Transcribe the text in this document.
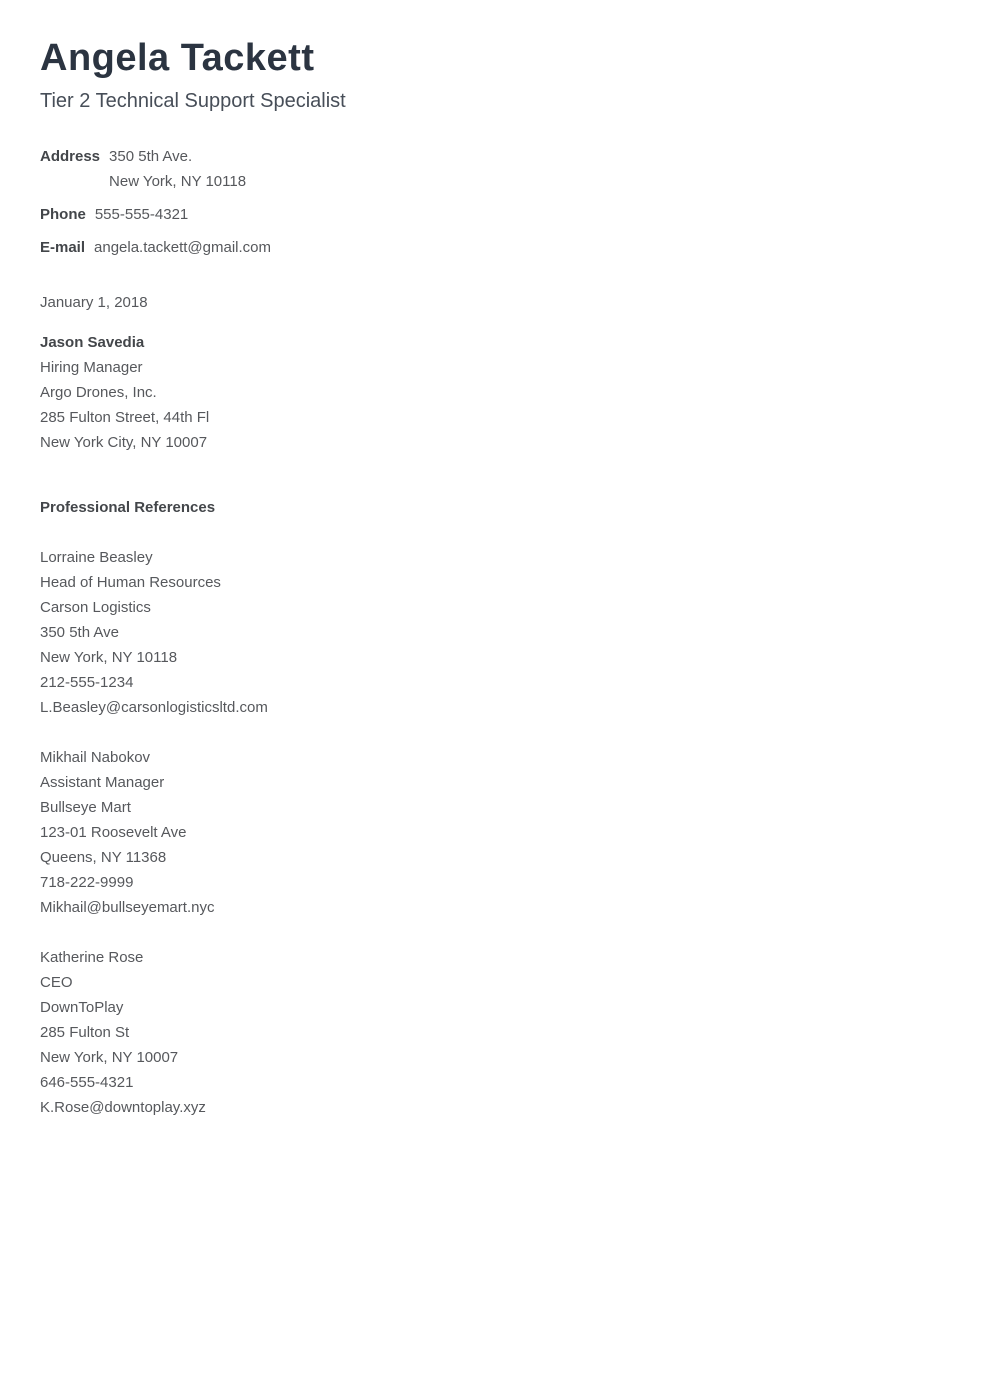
Angela Tackett

Tier 2 Technical Support Specialist

Address 350 5th Ave.
New York, NY 10118
Phone 555-555-4321
E-mail angela.tackett@gmail.com
January 1, 2018
Jason Savedia
Hiring Manager
Argo Drones, Inc.
285 Fulton Street, 44th Fl
New York City, NY 10007
Professional References
Lorraine Beasley
Head of Human Resources
Carson Logistics
350 5th Ave
New York, NY 10118
212-555-1234
L.Beasley@carsonlogisticsltd.com
Mikhail Nabokov
Assistant Manager
Bullseye Mart
123-01 Roosevelt Ave
Queens, NY 11368
718-222-9999
Mikhail@bullseyemart.nyc
Katherine Rose
CEO
DownToPlay
285 Fulton St
New York, NY 10007
646-555-4321
K.Rose@downtoplay.xyz
